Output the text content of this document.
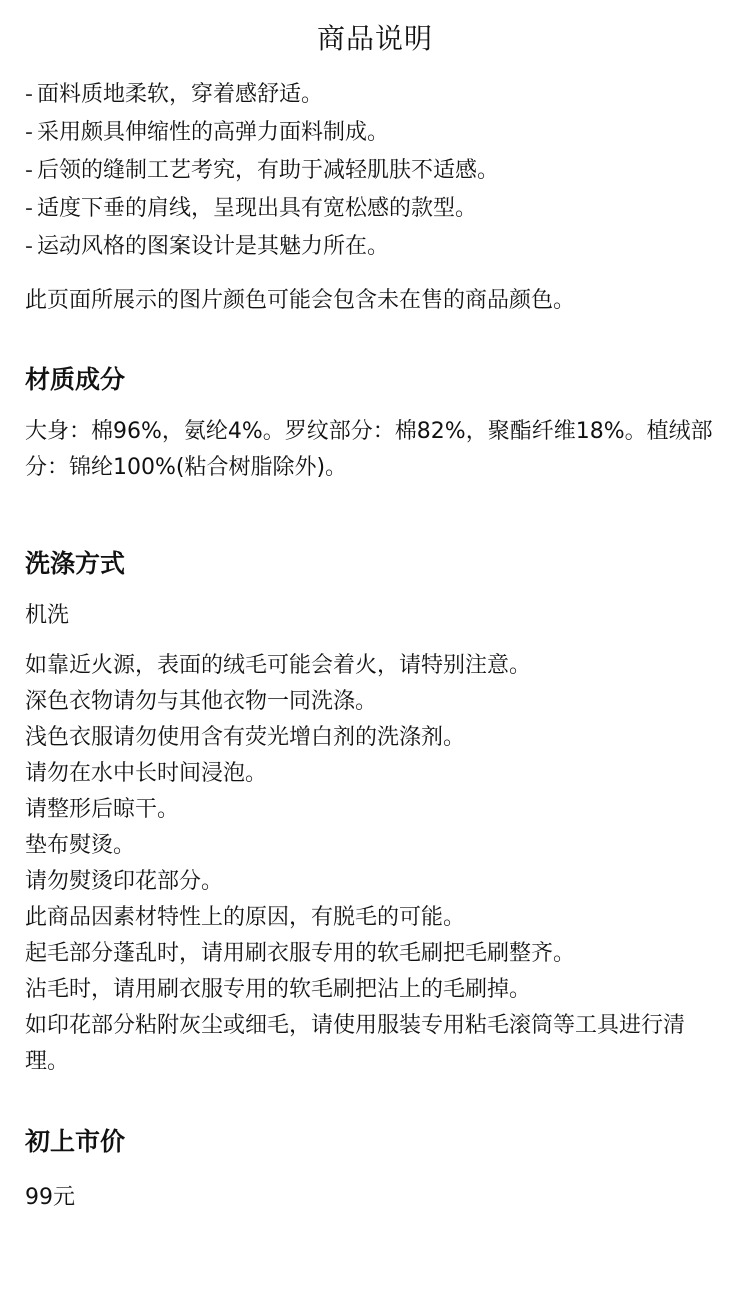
商品说明
- 面料质地柔软，穿着感舒适。
- 采用颇具伸缩性的高弹力面料制成。
- 后领的缝制工艺考究，有助于减轻肌肤不适感。
- 适度下垂的肩线，呈现出具有宽松感的款型。
- 运动风格的图案设计是其魅力所在。

此页面所展示的图片颜色可能会包含未在售的商品颜色。

材质成分

大身：棉96%，氨纶4%。罗纹部分：棉82%，聚酯纤维18%。植绒部分：锦纶100%(粘合树脂除外)。

洗涤方式

机洗

如靠近火源，表面的绒毛可能会着火，请特别注意。
深色衣物请勿与其他衣物一同洗涤。
浅色衣服请勿使用含有荧光增白剂的洗涤剂。
请勿在水中长时间浸泡。
请整形后晾干。
垫布熨烫。
请勿熨烫印花部分。
此商品因素材特性上的原因，有脱毛的可能。
起毛部分蓬乱时，请用刷衣服专用的软毛刷把毛刷整齐。
沾毛时，请用刷衣服专用的软毛刷把沾上的毛刷掉。
如印花部分粘附灰尘或细毛，请使用服装专用粘毛滚筒等工具进行清理。
初上市价

99元
